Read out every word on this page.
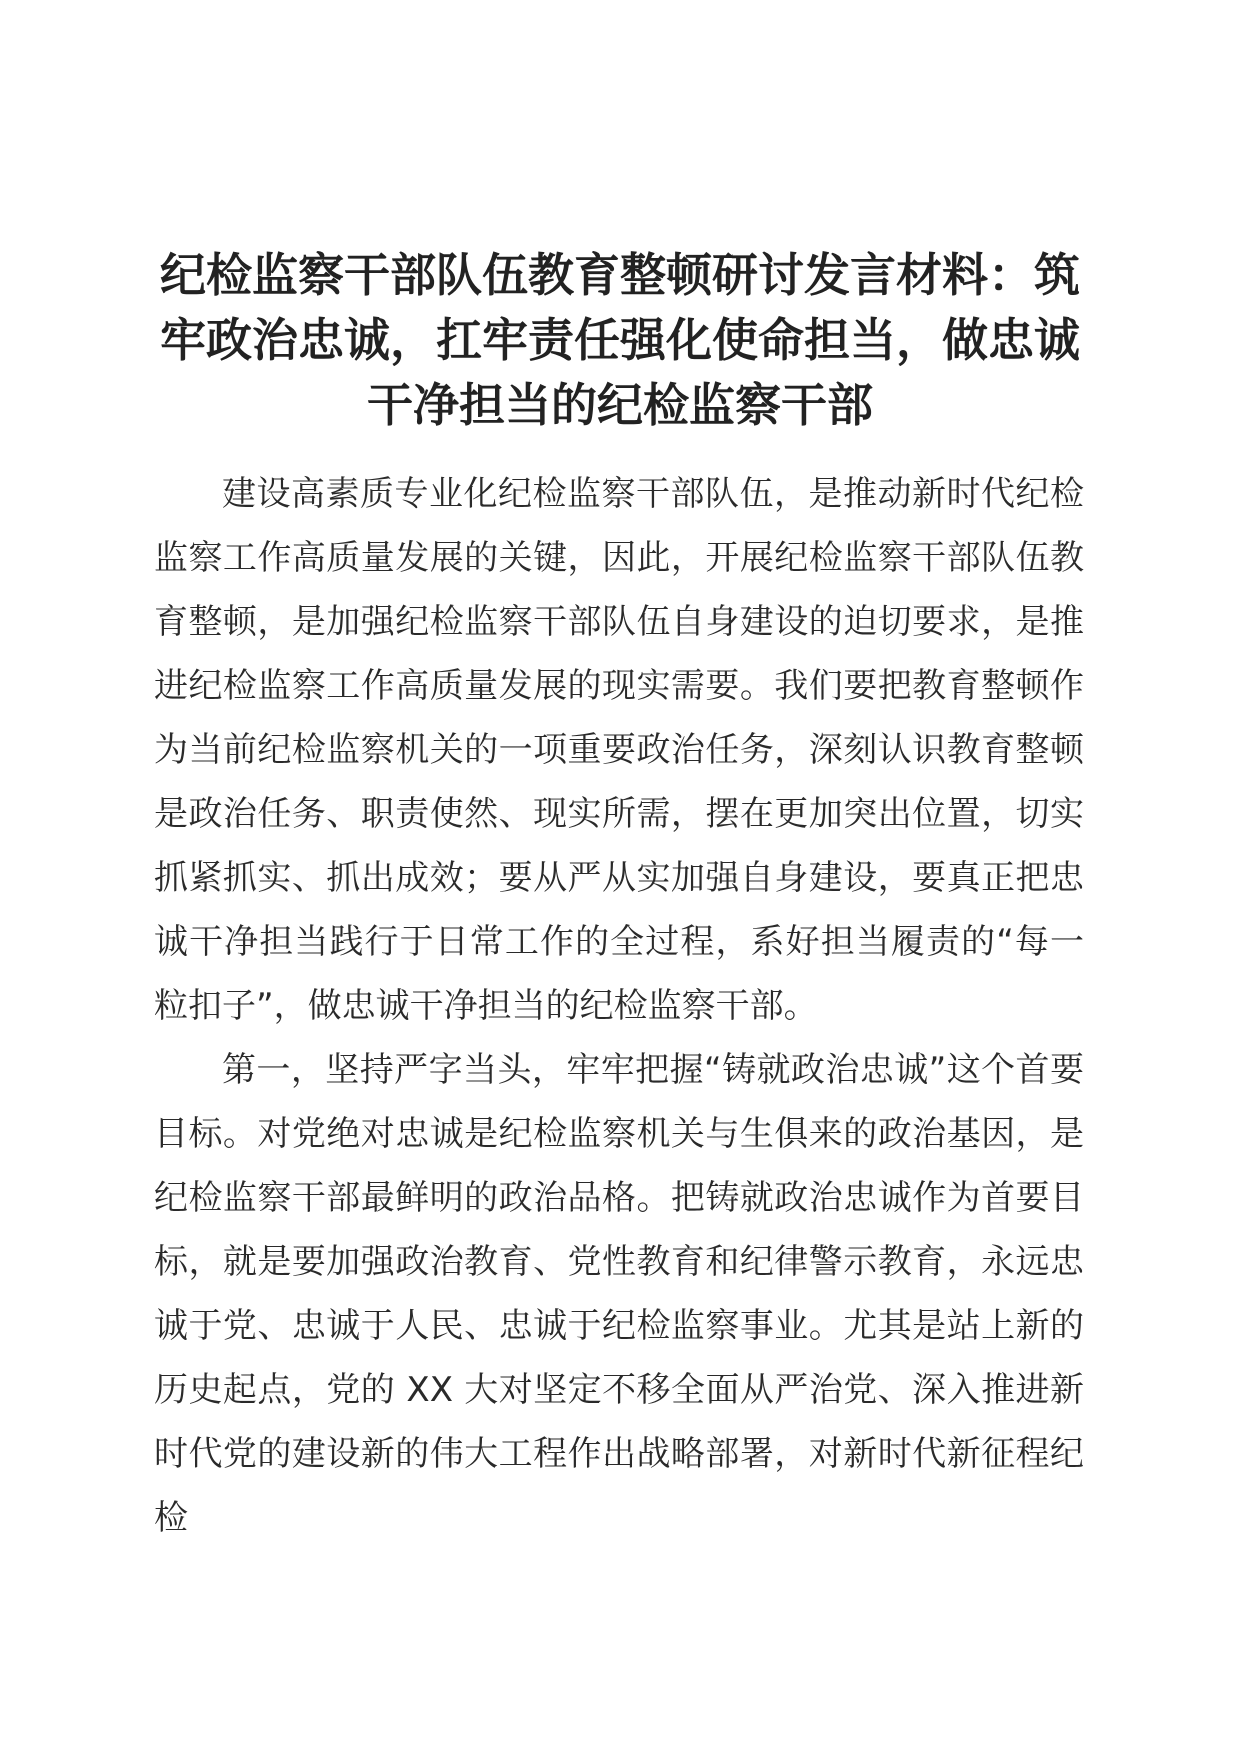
纪检监察干部队伍教育整顿研讨发言材料：筑牢政治忠诚，扛牢责任强化使命担当，做忠诚干净担当的纪检监察干部

建设高素质专业化纪检监察干部队伍，是推动新时代纪检监察工作高质量发展的关键，因此，开展纪检监察干部队伍教育整顿，是加强纪检监察干部队伍自身建设的迫切要求，是推进纪检监察工作高质量发展的现实需要。我们要把教育整顿作为当前纪检监察机关的一项重要政治任务，深刻认识教育整顿是政治任务、职责使然、现实所需，摆在更加突出位置，切实抓紧抓实、抓出成效；要从严从实加强自身建设，要真正把忠诚干净担当践行于日常工作的全过程，系好担当履责的“每一粒扣子”，做忠诚干净担当的纪检监察干部。

第一，坚持严字当头，牢牢把握“铸就政治忠诚”这个首要目标。对党绝对忠诚是纪检监察机关与生俱来的政治基因，是纪检监察干部最鲜明的政治品格。把铸就政治忠诚作为首要目标，就是要加强政治教育、党性教育和纪律警示教育，永远忠诚于党、忠诚于人民、忠诚于纪检监察事业。尤其是站上新的历史起点，党的 XX 大对坚定不移全面从严治党、深入推进新时代党的建设新的伟大工程作出战略部署，对新时代新征程纪检
